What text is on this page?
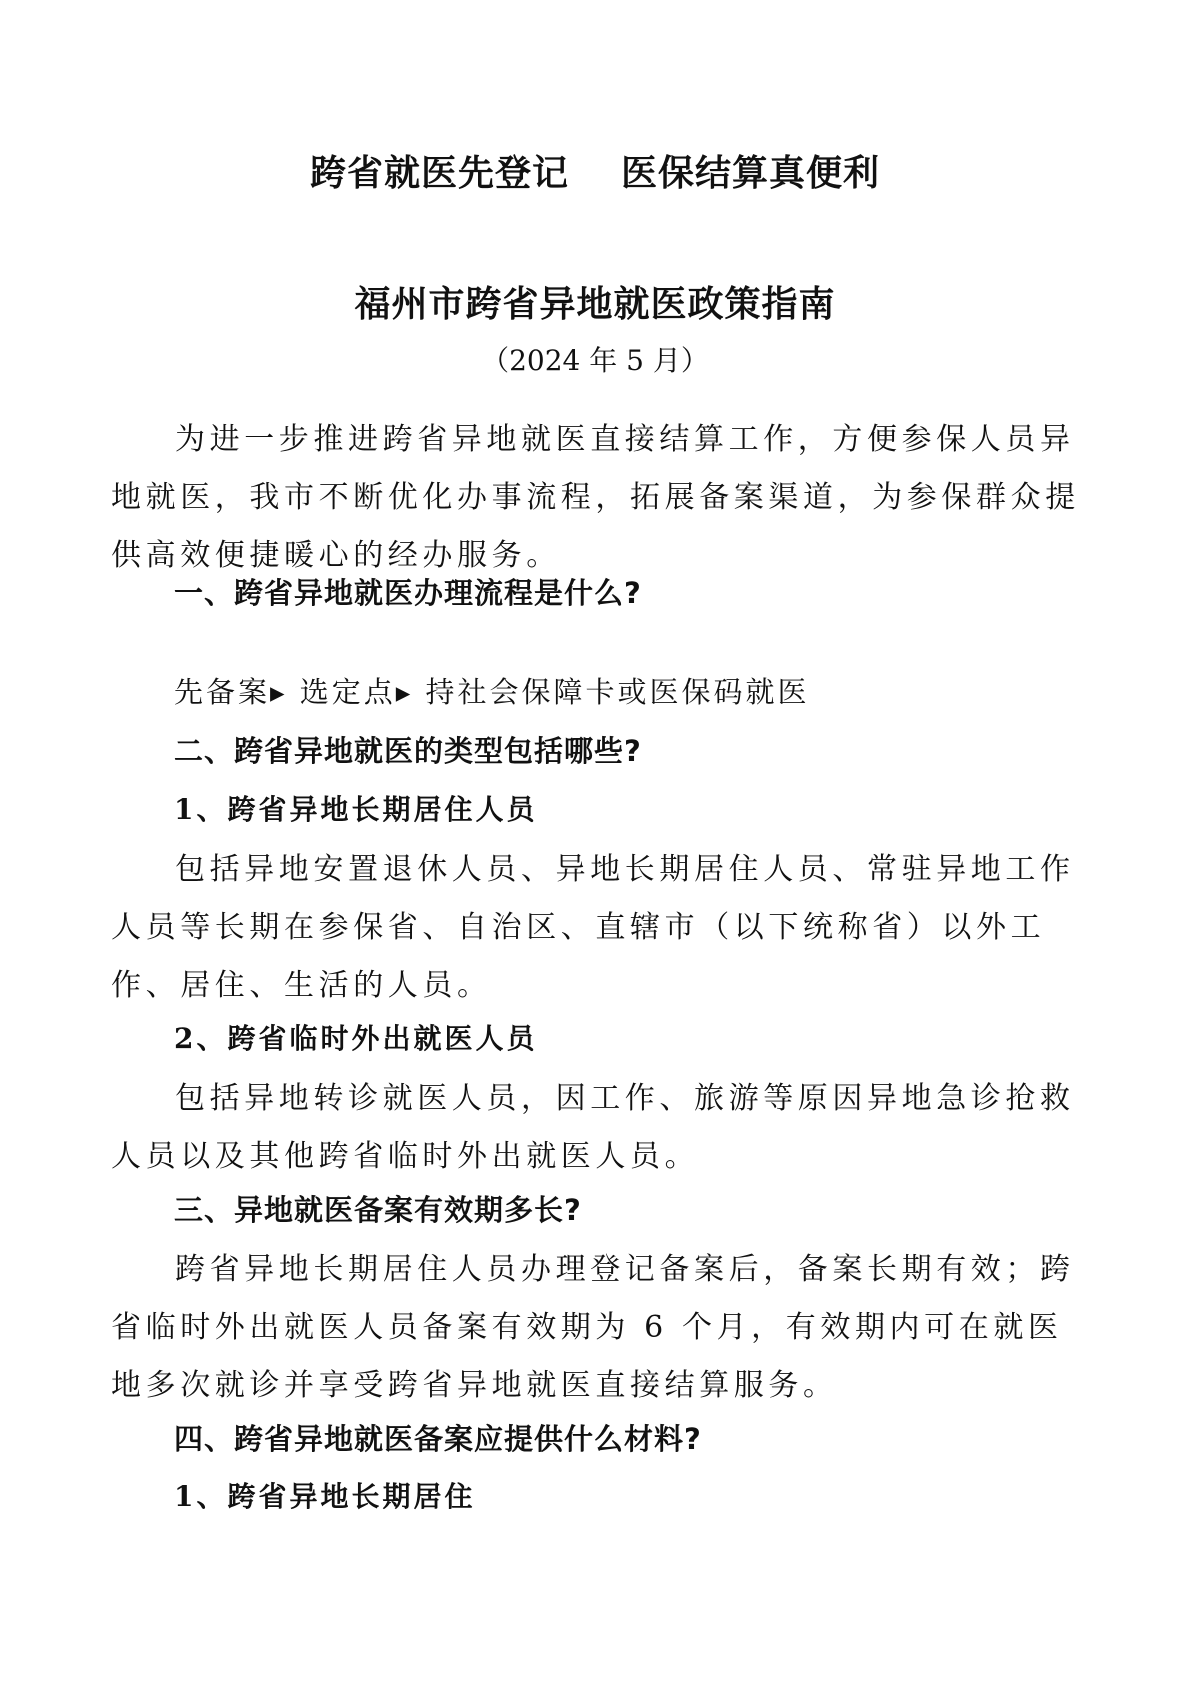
跨省就医先登记 医保结算真便利
福州市跨省异地就医政策指南
（2024 年 5 月）
为进一步推进跨省异地就医直接结算工作，方便参保人员异地就医，我市不断优化办事流程，拓展备案渠道，为参保群众提供高效便捷暖心的经办服务。
一、跨省异地就医办理流程是什么?
先备案▸ 选定点▸ 持社会保障卡或医保码就医
二、跨省异地就医的类型包括哪些?
1、跨省异地长期居住人员
包括异地安置退休人员、异地长期居住人员、常驻异地工作人员等长期在参保省、自治区、直辖市（以下统称省）以外工作、居住、生活的人员。
2、跨省临时外出就医人员
包括异地转诊就医人员，因工作、旅游等原因异地急诊抢救人员以及其他跨省临时外出就医人员。
三、异地就医备案有效期多长?
跨省异地长期居住人员办理登记备案后，备案长期有效；跨省临时外出就医人员备案有效期为 6 个月，有效期内可在就医地多次就诊并享受跨省异地就医直接结算服务。
四、跨省异地就医备案应提供什么材料?
1、跨省异地长期居住
